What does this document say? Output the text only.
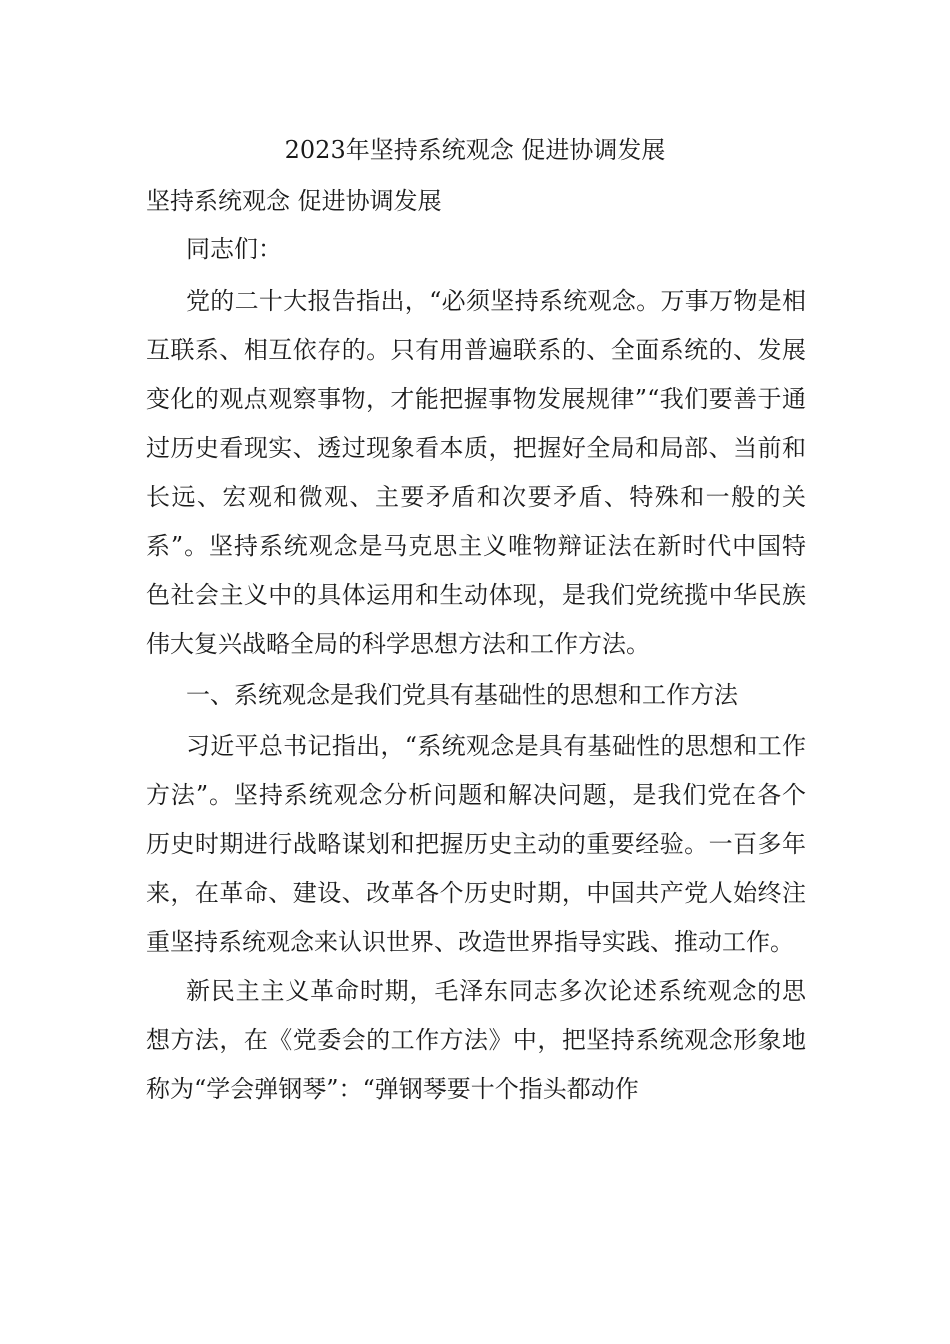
2023年坚持系统观念 促进协调发展
坚持系统观念 促进协调发展

同志们：

党的二十大报告指出，“必须坚持系统观念。万事万物是相互联系、相互依存的。只有用普遍联系的、全面系统的、发展变化的观点观察事物，才能把握事物发展规律”“我们要善于通过历史看现实、透过现象看本质，把握好全局和局部、当前和长远、宏观和微观、主要矛盾和次要矛盾、特殊和一般的关系”。坚持系统观念是马克思主义唯物辩证法在新时代中国特色社会主义中的具体运用和生动体现，是我们党统揽中华民族伟大复兴战略全局的科学思想方法和工作方法。

一、系统观念是我们党具有基础性的思想和工作方法

习近平总书记指出，“系统观念是具有基础性的思想和工作方法”。坚持系统观念分析问题和解决问题，是我们党在各个历史时期进行战略谋划和把握历史主动的重要经验。一百多年来，在革命、建设、改革各个历史时期，中国共产党人始终注重坚持系统观念来认识世界、改造世界指导实践、推动工作。

新民主主义革命时期，毛泽东同志多次论述系统观念的思想方法，在《党委会的工作方法》中，把坚持系统观念形象地称为“学会弹钢琴”：“弹钢琴要十个指头都动作
